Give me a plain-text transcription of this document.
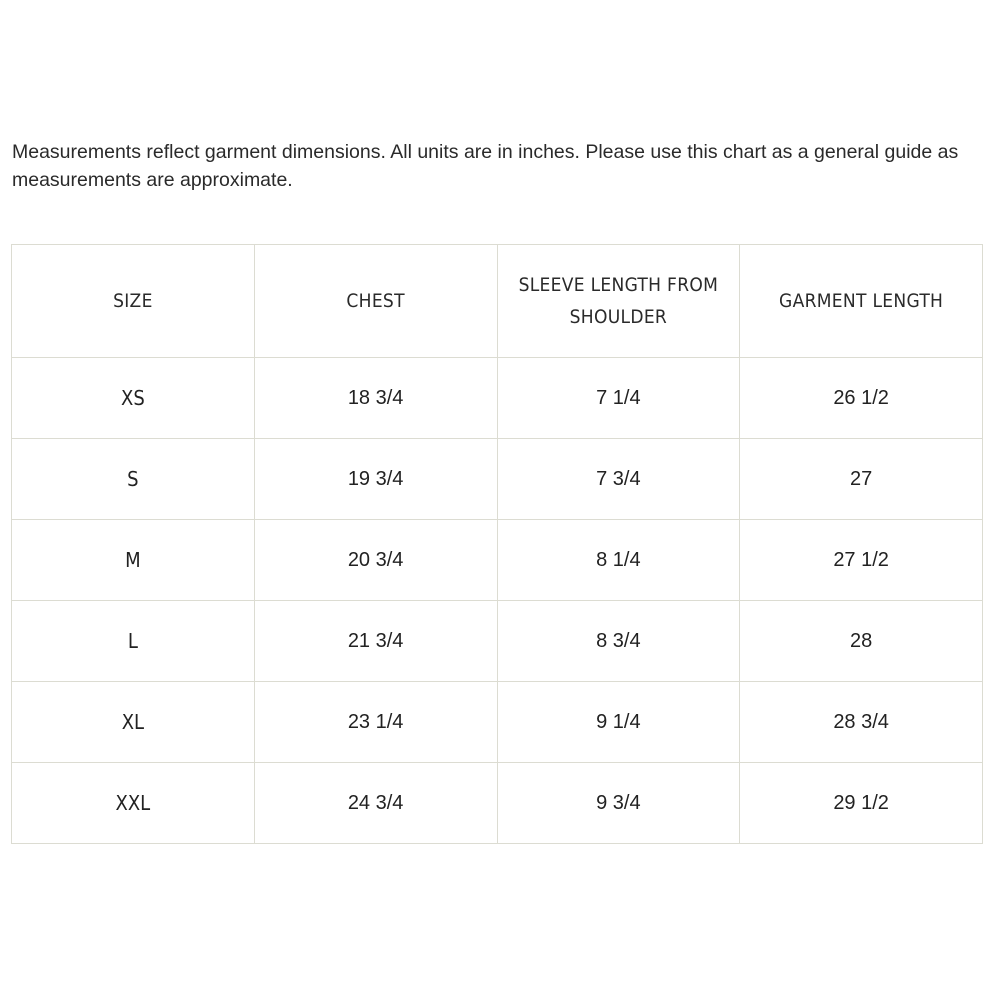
Measurements reflect garment dimensions. All units are in inches. Please use this chart as a general guide as measurements are approximate.

SIZE	CHEST	SLEEVE LENGTH FROM SHOULDER	GARMENT LENGTH
XS	18 3/4	7 1/4	26 1/2
S	19 3/4	7 3/4	27
M	20 3/4	8 1/4	27 1/2
L	21 3/4	8 3/4	28
XL	23 1/4	9 1/4	28 3/4
XXL	24 3/4	9 3/4	29 1/2
